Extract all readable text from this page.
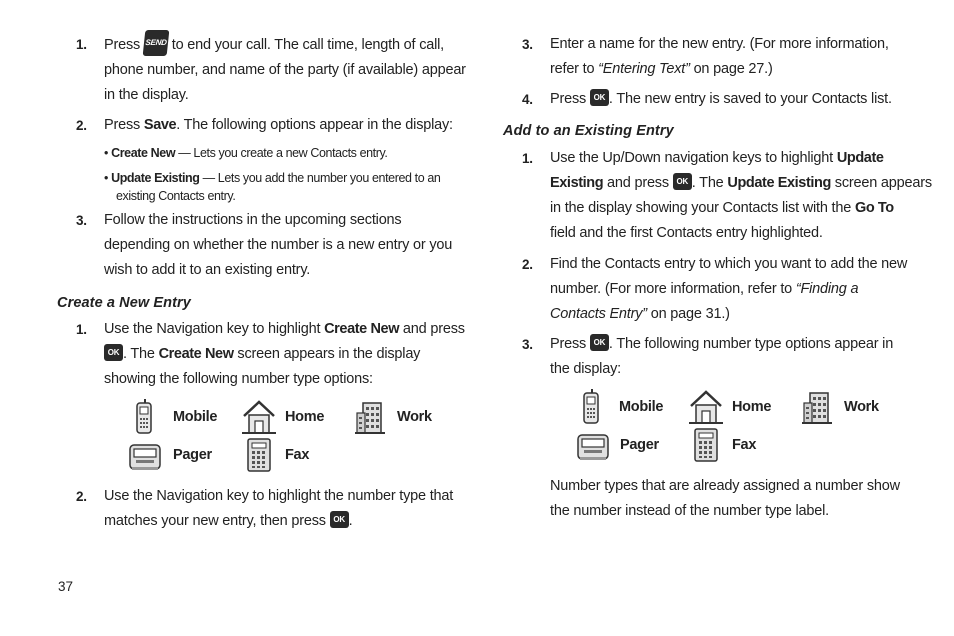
1. Press SEND to end your call. The call time, length of call,
phone number, and name of the party (if available) appear
in the display.
2. Press Save. The following options appear in the display:
• Create New — Lets you create a new Contacts entry.
• Update Existing — Lets you add the number you entered to an
existing Contacts entry.
3. Follow the instructions in the upcoming sections
depending on whether the number is a new entry or you
wish to add it to an existing entry.
Create a New Entry
1. Use the Navigation key to highlight Create New and press
OK . The Create New screen appears in the display
showing the following number type options:
Mobile	Home	Work
Pager	Fax
2. Use the Navigation key to highlight the number type that
matches your new entry, then press OK .
37
3. Enter a name for the new entry. (For more information,
refer to “Entering Text” on page 27.)
4. Press OK . The new entry is saved to your Contacts list.
Add to an Existing Entry
1. Use the Up/Down navigation keys to highlight Update
Existing and press OK . The Update Existing screen appears
in the display showing your Contacts list with the Go To
field and the first Contacts entry highlighted.
2. Find the Contacts entry to which you want to add the new
number. (For more information, refer to “Finding a
Contacts Entry” on page 31.)
3. Press OK . The following number type options appear in
the display:
Mobile	Home	Work
Pager	Fax
Number types that are already assigned a number show
the number instead of the number type label.
